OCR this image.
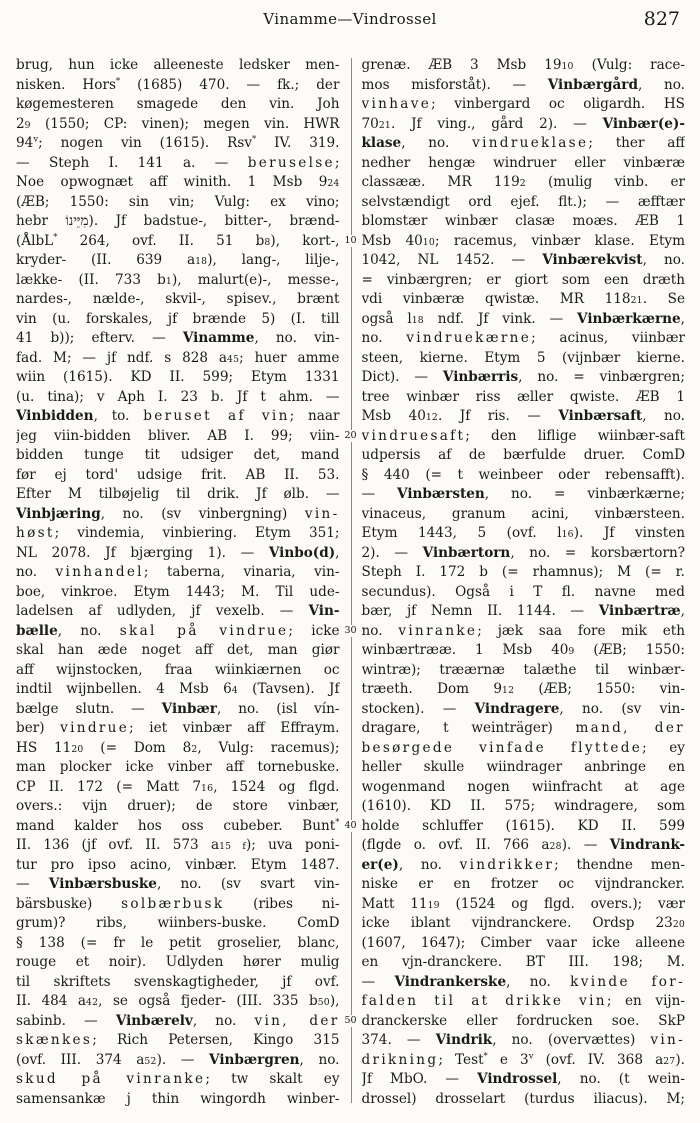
Vinamme—Vindrossel	827
brug, hun icke alleeneste ledsker men-
nisken. Hors* (1685) 470. — fk.; der
køgemesteren smagede den vin. Joh
29 (1550; CP: vinen); megen vin. HWR
94$^v$; nogen vin (1615). Rsv* IV. 319.
— Steph I. 141 a. — beruselse;
Noe opwognæt aff winith. 1 Msb 924
(ÆB; 1550: sin vin; Vulg: ex vino;
hebr מִיֵּינוֹ). Jf badstue-, bitter-, brænd-
(ÅlbL* 264, ovf. II. 51 b8), kort-,
kryder- (II. 639 a18), lang-, lilje-,
lække- (II. 733 b1), malurt(e)-, messe-,
nardes-, nælde-, skvil-, spisev., brænt
vin (u. forskales, jf brænde 5) (I. till
41 b)); efterv. — Vinamme, no. vin-
fad. M; — jf ndf. s 828 a45; huer amme
wiin (1615). KD II. 599; Etym 1331
(u. tina); v Aph I. 23 b. Jf t ahm. —
Vinbidden, to. beruset af vin; naar
jeg viin-bidden bliver. AB I. 99; viin-
bidden tunge tit udsiger det, mand
før ej tord' udsige frit. AB II. 53.
Efter M tilbøjelig til drik. Jf ølb. —
Vinbjæring, no. (sv vinbergning) vin-
høst; vindemia, vinbiering. Etym 351;
NL 2078. Jf bjærging 1). — Vinbo(d),
no. vinhandel; taberna, vinaria, vin-
boe, vinkroe. Etym 1443; M. Til ude-
ladelsen af udlyden, jf vexelb. — Vin-
bælle, no. skal på vindrue; icke
skal han æde noget aff det, man giør
aff wijnstocken, fraa wiinkiærnen oc
indtil wijnbellen. 4 Msb 64 (Tavsen). Jf
bælge slutn. — Vinbær, no. (isl vín-
ber) vindrue; iet vinbær aff Effraym.
HS 1120 (= Dom 82, Vulg: racemus);
man plocker icke vinber aff tornebuske.
CP II. 172 (= Matt 716, 1524 og flgd.
overs.: vijn druer); de store vinbær,
mand kalder hos oss cubeber. Bunt*
II. 136 (jf ovf. II. 573 a15 f); uva poni-
tur pro ipso acino, vinbær. Etym 1487.
— Vinbærsbuske, no. (sv svart vin-
bärsbuske) solbærbusk (ribes ni-
grum)? ribs, wiinbers-buske. ComD
§ 138 (= fr le petit groselier, blanc,
rouge et noir). Udlyden hører mulig
til skriftets svenskagtigheder, jf ovf.
II. 484 a42, se også fjeder- (III. 335 b50),
sabinb. — Vinbærelv, no. vin, der
skænkes; Rich Petersen, Kingo 315
(ovf. III. 374 a52). — Vinbærgren, no.
skud på vinranke; tw skalt ey
samensankæ j thin wingordh winber-
10
20
30
40
50
grenæ. ÆB 3 Msb 1910 (Vulg: race-
mos misforståt). — Vinbærgård, no.
vinhave; vinbergard oc oligardh. HS
7021. Jf ving., gård 2). — Vinbær(e)-
klase, no. vindrueklase; ther aff
nedher hengæ windruer eller vinbæræ
classææ. MR 1192 (mulig vinb. er
selvstændigt ord ejef. flt.); — æfftær
blomstær winbær clasæ moæs. ÆB 1
Msb 4010; racemus, vinbær klase. Etym
1042, NL 1452. — Vinbærekvist, no.
= vinbærgren; er giort som een dræth
vdi vinbæræ qwistæ. MR 11821. Se
også l18 ndf. Jf vink. — Vinbærkærne,
no. vindruekærne; acinus, viinbær
steen, kierne. Etym 5 (vijnbær kierne.
Dict). — Vinbærris, no. = vinbærgren;
tree winbær riss æller qwiste. ÆB 1
Msb 4012. Jf ris. — Vinbærsaft, no.
vindruesaft; den liflige wiinbær-saft
udpersis af de bærfulde druer. ComD
§ 440 (= t weinbeer oder rebensafft).
— Vinbærsten, no. = vinbærkærne;
vinaceus, granum acini, vinbærsteen.
Etym 1443, 5 (ovf. l16). Jf vinsten
2). — Vinbærtorn, no. = korsbærtorn?
Steph I. 172 b (= rhamnus); M (= r.
secundus). Også i T fl. navne med
bær, jf Nemn II. 1144. — Vinbærtræ,
no. vinranke; jæk saa fore mik eth
winbærtrææ. 1 Msb 409 (ÆB; 1550:
wintræ); træærnæ talæthe til winbær-
træeth. Dom 912 (ÆB; 1550: vin-
stocken). — Vindragere, no. (sv vin-
dragare, t weinträger) mand, der
besørgede vinfade flyttede; ey
heller skulle wiindrager anbringe en
wogenmand nogen wiinfracht at age
(1610). KD II. 575; windragere, som
holde schluffer (1615). KD II. 599
(flgde o. ovf. II. 766 a28). — Vindrank-
er(e), no. vindrikker; thendne men-
niske er en frotzer oc vijndrancker.
Matt 1119 (1524 og flgd. overs.); vær
icke iblant vijndranckere. Ordsp 2320
(1607, 1647); Cimber vaar icke alleene
en vjn-dranckere. BT III. 198; M.
— Vindrankerske, no. kvinde for-
falden til at drikke vin; en vijn-
dranckerske eller fordrucken soe. SkP
374. — Vindrik, no. (overvættes) vin-
drikning; Test* e 3$^v$ (ovf. IV. 368 a27).
Jf MbO. — Vindrossel, no. (t wein-
drossel) drosselart (turdus iliacus). M;
